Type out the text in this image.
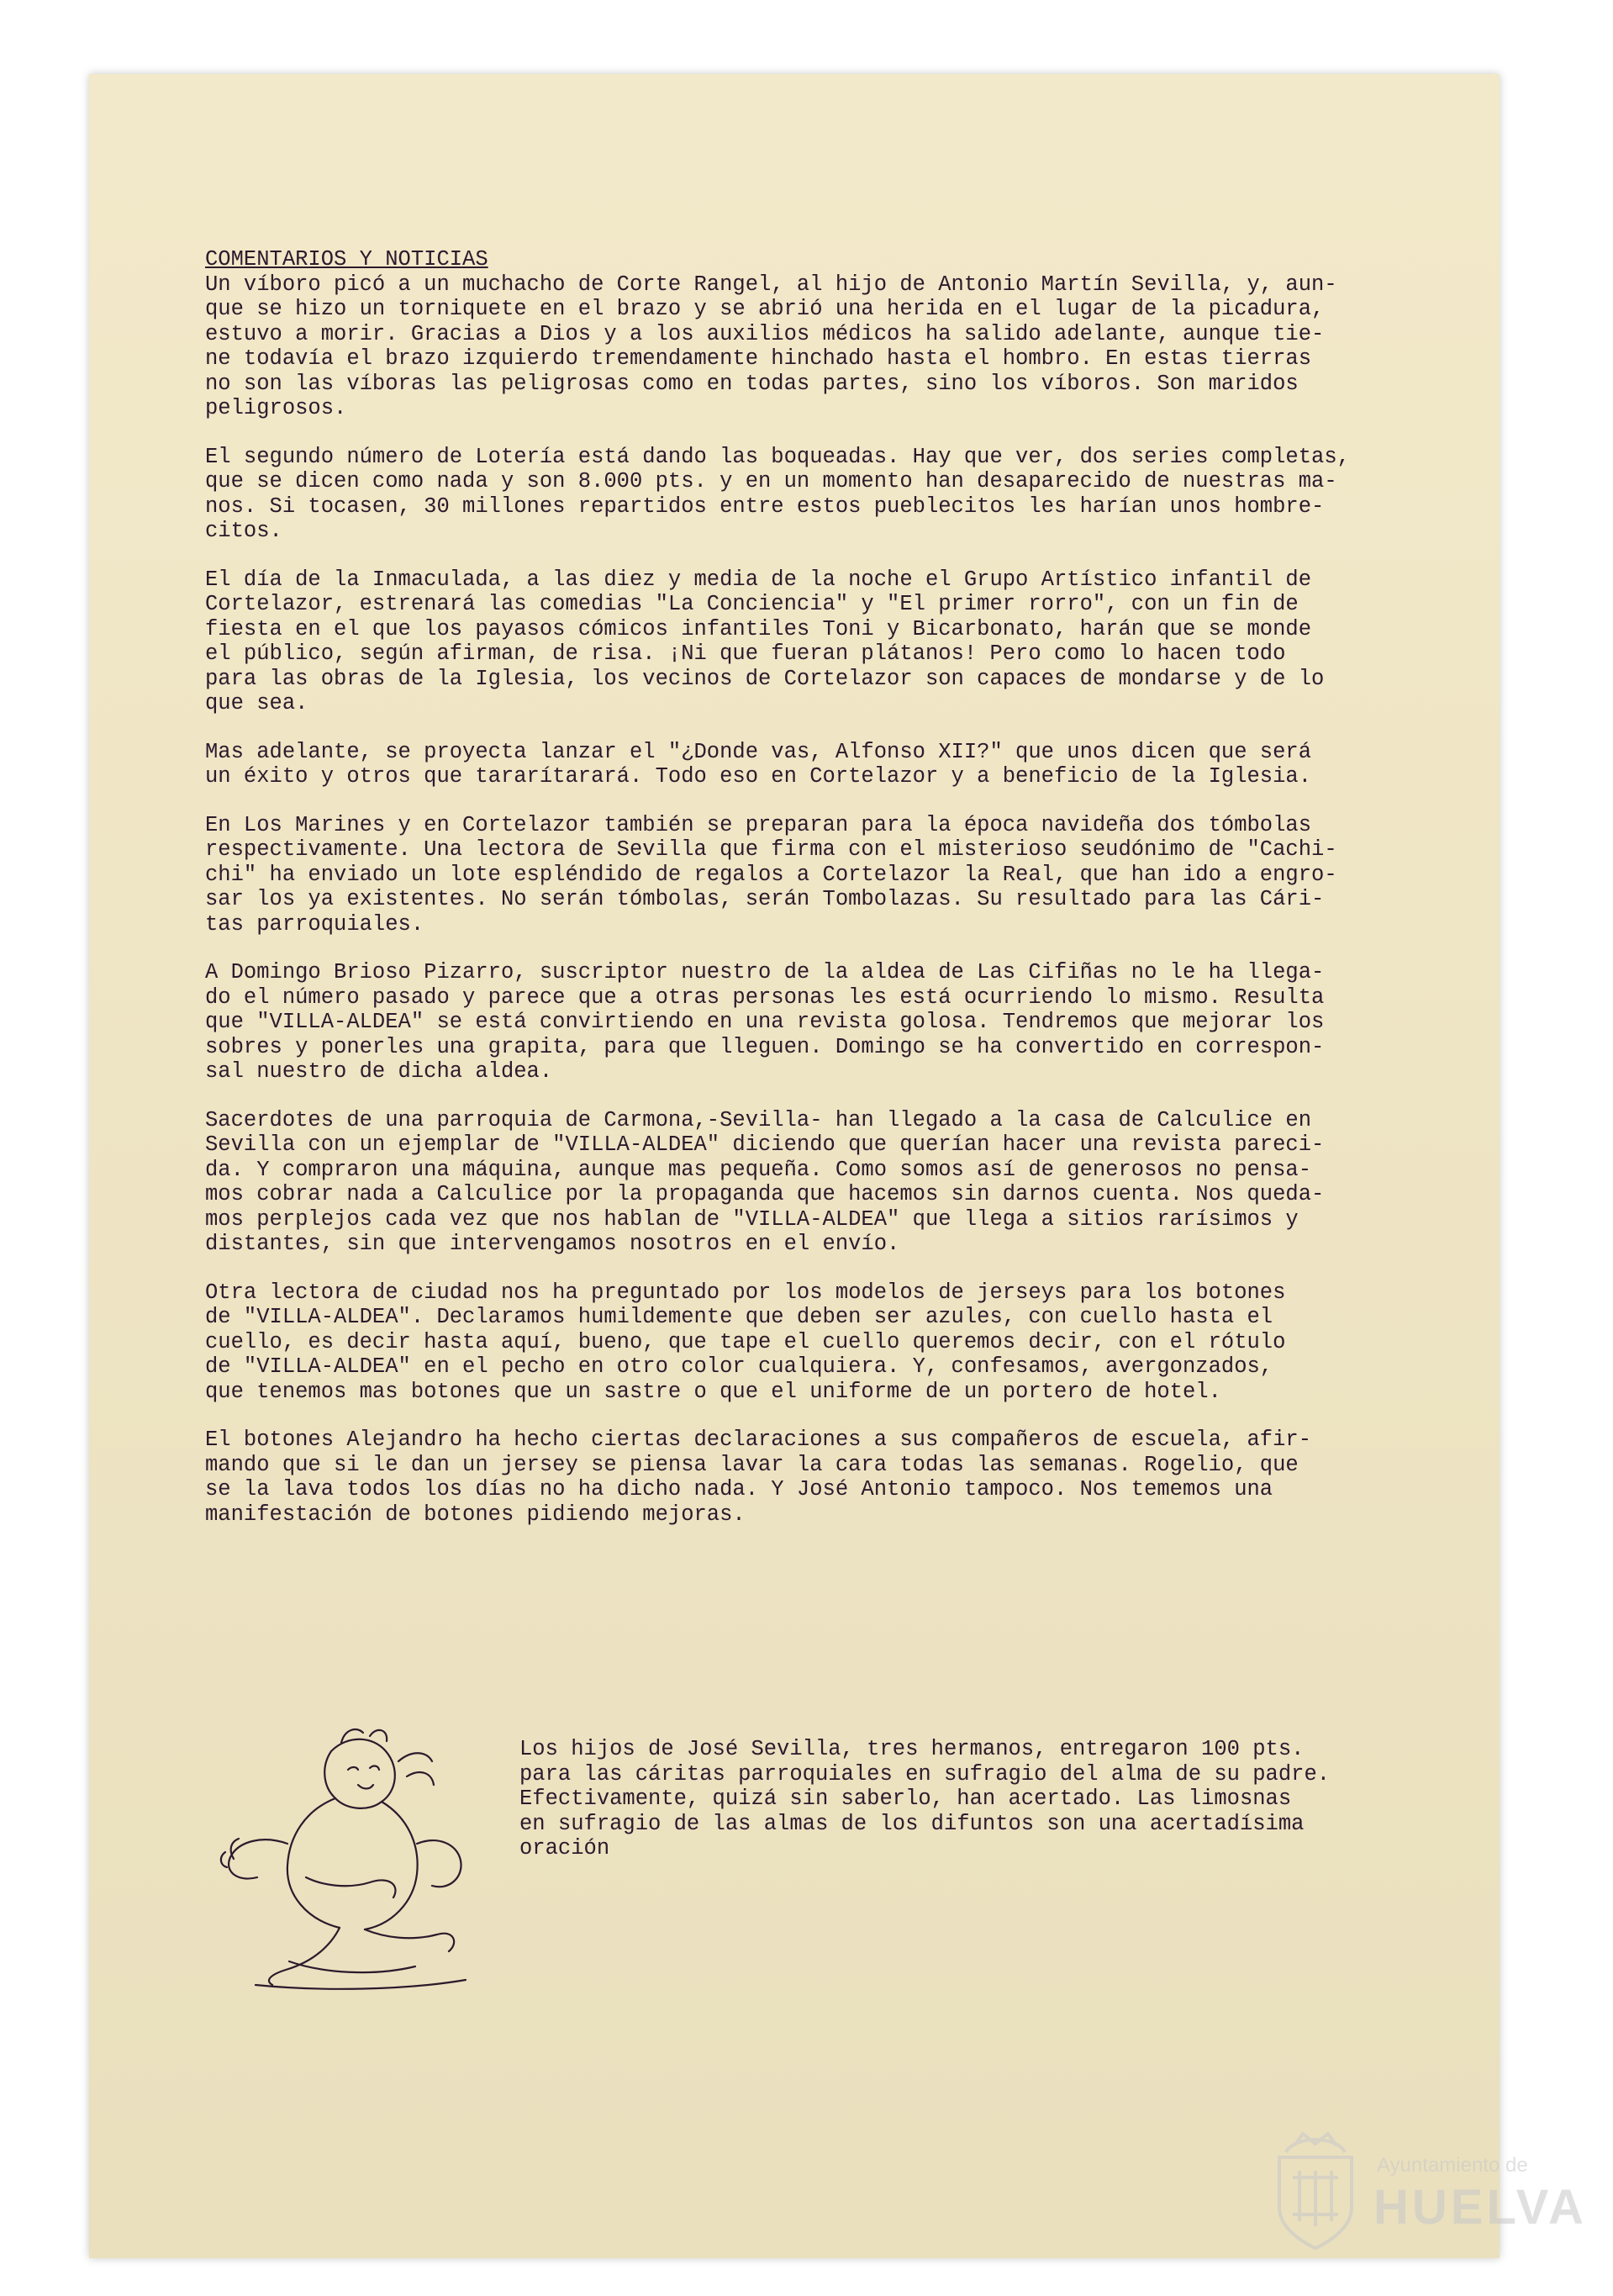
COMENTARIOS Y NOTICIAS

Un víboro picó a un muchacho de Corte Rangel, al hijo de Antonio Martín Sevilla, y, aun-
que se hizo un torniquete en el brazo y se abrió una herida en el lugar de la picadura,
estuvo a morir. Gracias a Dios y a los auxilios médicos ha salido adelante, aunque tie-
ne todavía el brazo izquierdo tremendamente hinchado hasta el hombro. En estas tierras
no son las víboras las peligrosas como en todas partes, sino los víboros. Son maridos
peligrosos.
El segundo número de Lotería está dando las boqueadas. Hay que ver, dos series completas,
que se dicen como nada y son 8.000 pts. y en un momento han desaparecido de nuestras ma-
nos. Si tocasen, 30 millones repartidos entre estos pueblecitos les harían unos hombre-
citos.
El día de la Inmaculada, a las diez y media de la noche el Grupo Artístico infantil de
Cortelazor, estrenará las comedias "La Conciencia" y "El primer rorro", con un fin de
fiesta en el que los payasos cómicos infantiles Toni y Bicarbonato, harán que se monde
el público, según afirman, de risa. ¡Ni que fueran plátanos! Pero como lo hacen todo
para las obras de la Iglesia, los vecinos de Cortelazor son capaces de mondarse y de lo
que sea.
Mas adelante, se proyecta lanzar el "¿Donde vas, Alfonso XII?" que unos dicen que será
un éxito y otros que tararítarará. Todo eso en Cortelazor y a beneficio de la Iglesia.
En Los Marines y en Cortelazor también se preparan para la época navideña dos tómbolas
respectivamente. Una lectora de Sevilla que firma con el misterioso seudónimo de "Cachi-
chi" ha enviado un lote espléndido de regalos a Cortelazor la Real, que han ido a engro-
sar los ya existentes. No serán tómbolas, serán Tombolazas. Su resultado para las Cári-
tas parroquiales.
A Domingo Brioso Pizarro, suscriptor nuestro de la aldea de Las Cifiñas no le ha llega-
do el número pasado y parece que a otras personas les está ocurriendo lo mismo. Resulta
que "VILLA-ALDEA" se está convirtiendo en una revista golosa. Tendremos que mejorar los
sobres y ponerles una grapita, para que lleguen. Domingo se ha convertido en correspon-
sal nuestro de dicha aldea.
Sacerdotes de una parroquia de Carmona,-Sevilla- han llegado a la casa de Calculice en
Sevilla con un ejemplar de "VILLA-ALDEA" diciendo que querían hacer una revista pareci-
da. Y compraron una máquina, aunque mas pequeña. Como somos así de generosos no pensa-
mos cobrar nada a Calculice por la propaganda que hacemos sin darnos cuenta. Nos queda-
mos perplejos cada vez que nos hablan de "VILLA-ALDEA" que llega a sitios rarísimos y
distantes, sin que intervengamos nosotros en el envío.
Otra lectora de ciudad nos ha preguntado por los modelos de jerseys para los botones
de "VILLA-ALDEA". Declaramos humildemente que deben ser azules, con cuello hasta el
cuello, es decir hasta aquí, bueno, que tape el cuello queremos decir, con el rótulo
de "VILLA-ALDEA" en el pecho en otro color cualquiera. Y, confesamos, avergonzados,
que tenemos mas botones que un sastre o que el uniforme de un portero de hotel.
El botones Alejandro ha hecho ciertas declaraciones a sus compañeros de escuela, afir-
mando que si le dan un jersey se piensa lavar la cara todas las semanas. Rogelio, que
se la lava todos los días no ha dicho nada. Y José Antonio tampoco. Nos tememos una
manifestación de botones pidiendo mejoras.
Los hijos de José Sevilla, tres hermanos, entregaron 100 pts.
para las cáritas parroquiales en sufragio del alma de su padre.
Efectivamente, quizá sin saberlo, han acertado. Las limosnas
en sufragio de las almas de los difuntos son una acertadísima
oración
Ayuntamiento de
HUELVA
